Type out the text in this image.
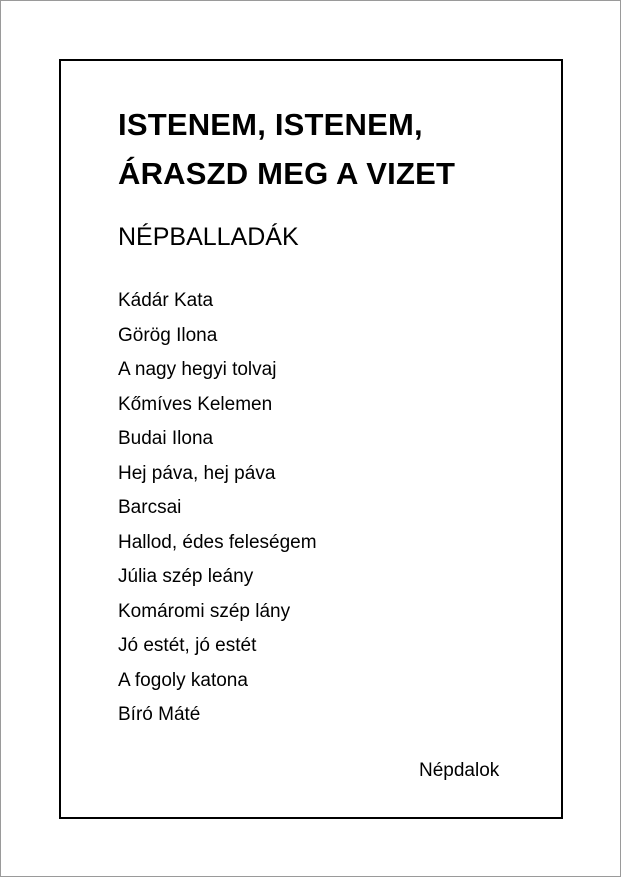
ISTENEM, ISTENEM,
ÁRASZD MEG A VIZET
NÉPBALLADÁK
Kádár Kata
Görög Ilona
A nagy hegyi tolvaj
Kőmíves Kelemen
Budai Ilona
Hej páva, hej páva
Barcsai
Hallod, édes feleségem
Júlia szép leány
Komáromi szép lány
Jó estét, jó estét
A fogoly katona
Bíró Máté
Népdalok
